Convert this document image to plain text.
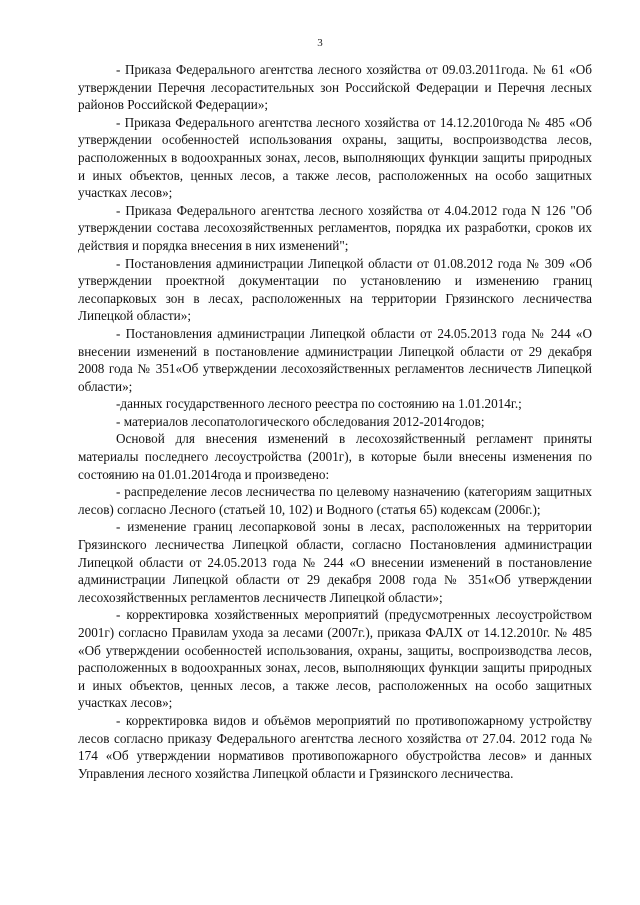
3

- Приказа Федерального агентства лесного хозяйства от 09.03.2011года. № 61 «Об утверждении Перечня лесорастительных зон Российской Федерации и Перечня лесных районов Российской Федерации»;

- Приказа Федерального агентства лесного хозяйства от 14.12.2010года № 485 «Об утверждении особенностей использования охраны, защиты, воспроизводства лесов, расположенных в водоохранных зонах, лесов, выполняющих функции защиты природных и иных объектов, ценных лесов, а также лесов, расположенных на особо защитных участках лесов»;

- Приказа Федерального агентства лесного хозяйства от 4.04.2012 года N 126 "Об утверждении состава лесохозяйственных регламентов, порядка их разработки, сроков их действия и порядка внесения в них изменений";

- Постановления администрации Липецкой области от 01.08.2012 года № 309 «Об утверждении проектной документации по установлению и изменению границ лесопарковых зон в лесах, расположенных на территории Грязинского лесничества Липецкой области»;

- Постановления администрации Липецкой области от 24.05.2013 года № 244 «О внесении изменений в постановление администрации Липецкой области от 29 декабря 2008 года № 351«Об утверждении лесохозяйственных регламентов лесничеств Липецкой области»;

-данных государственного лесного реестра по состоянию на 1.01.2014г.;

- материалов лесопатологического обследования 2012-2014годов;

Основой для внесения изменений в лесохозяйственный регламент приняты материалы последнего лесоустройства (2001г), в которые были внесены изменения по состоянию на 01.01.2014года и произведено:

- распределение лесов лесничества по целевому назначению (категориям защитных лесов) согласно Лесного (статьей 10, 102) и Водного (статья 65) кодексам (2006г.);

- изменение границ лесопарковой зоны в лесах, расположенных на территории Грязинского лесничества Липецкой области, согласно Постановления администрации Липецкой области от 24.05.2013 года № 244 «О внесении изменений в постановление администрации Липецкой области от 29 декабря 2008 года № 351«Об утверждении лесохозяйственных регламентов лесничеств Липецкой области»;

- корректировка хозяйственных мероприятий (предусмотренных лесоустройством 2001г) согласно Правилам ухода за лесами (2007г.), приказа ФАЛХ от 14.12.2010г. № 485 «Об утверждении особенностей использования, охраны, защиты, воспроизводства лесов, расположенных в водоохранных зонах, лесов, выполняющих функции защиты природных и иных объектов, ценных лесов, а также лесов, расположенных на особо защитных участках лесов»;

- корректировка видов и объёмов мероприятий по противопожарному устройству лесов согласно приказу Федерального агентства лесного хозяйства от 27.04. 2012 года № 174 «Об утверждении нормативов противопожарного обустройства лесов» и данных Управления лесного хозяйства Липецкой области и Грязинского лесничества.
